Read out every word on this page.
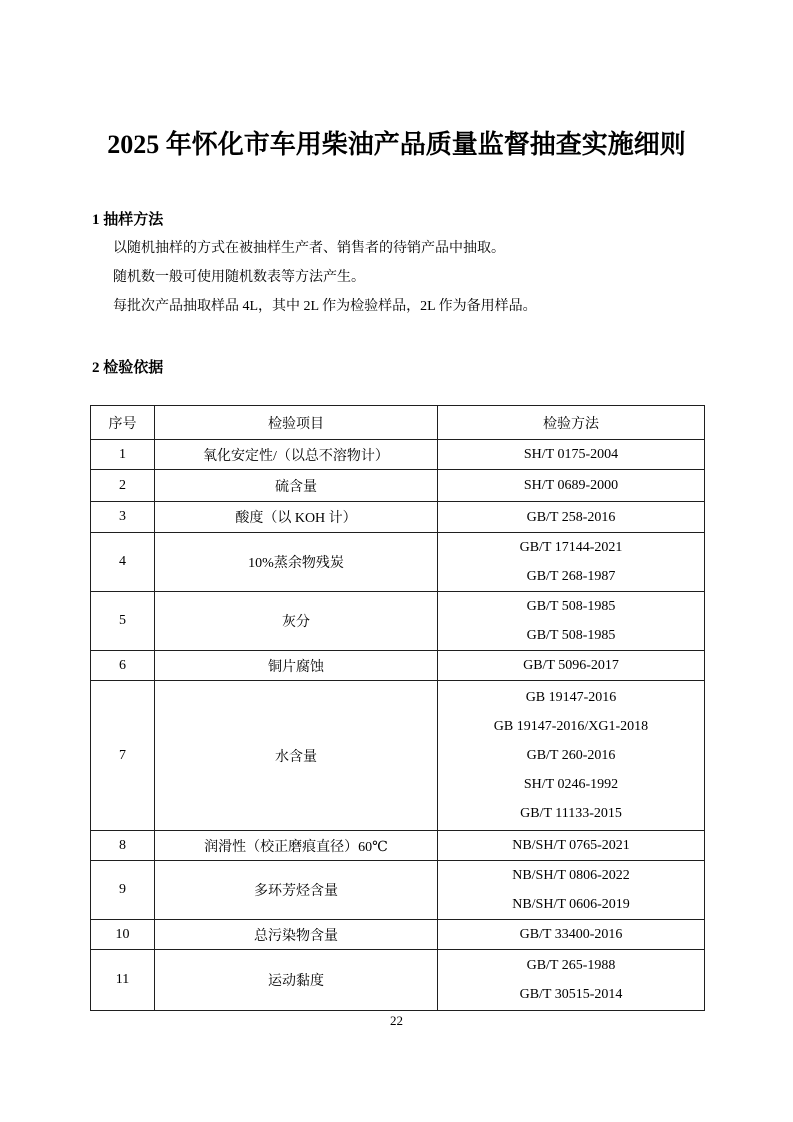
2025 年怀化市车用柴油产品质量监督抽查实施细则
1 抽样方法

以随机抽样的方式在被抽样生产者、销售者的待销产品中抽取。

随机数一般可使用随机数表等方法产生。

每批次产品抽取样品 4L，其中 2L 作为检验样品，2L 作为备用样品。

2 检验依据
序号	检验项目	检验方法
1	氧化安定性/（以总不溶物计）	SH/T 0175-2004

2	硫含量	SH/T 0689-2000

3	酸度（以 KOH 计）	GB/T 258-2016

4	10%蒸余物残炭	GB/T 17144-2021
GB/T 268-1987

5	灰分	GB/T 508-1985
GB/T 508-1985

6	铜片腐蚀	GB/T 5096-2017

7	水含量	GB 19147-2016
GB 19147-2016/XG1-2018
GB/T 260-2016
SH/T 0246-1992
GB/T 11133-2015

8	润滑性（校正磨痕直径）60℃	NB/SH/T 0765-2021

9	多环芳烃含量	NB/SH/T 0806-2022
NB/SH/T 0606-2019

10	总污染物含量	GB/T 33400-2016

11	运动黏度	GB/T 265-1988
GB/T 30515-2014
22
